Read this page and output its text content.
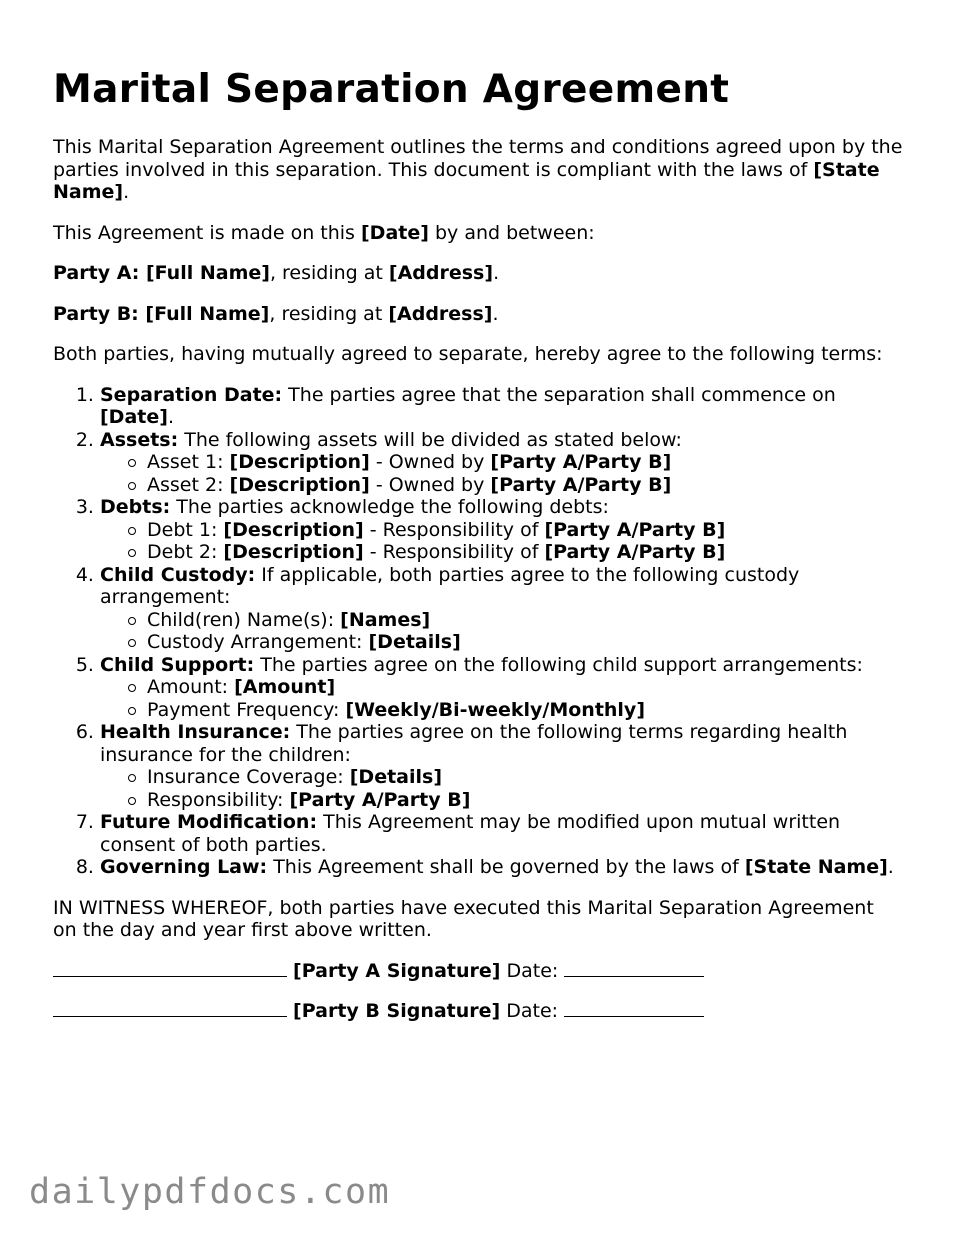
Marital Separation Agreement

This Marital Separation Agreement outlines the terms and conditions agreed upon by the parties involved in this separation. This document is compliant with the laws of [State Name].

This Agreement is made on this [Date] by and between:

Party A: [Full Name], residing at [Address].

Party B: [Full Name], residing at [Address].

Both parties, having mutually agreed to separate, hereby agree to the following terms:

1. Separation Date: The parties agree that the separation shall commence on [Date].
2. Assets: The following assets will be divided as stated below:
Asset 1: [Description] - Owned by [Party A/Party B]
Asset 2: [Description] - Owned by [Party A/Party B]
3. Debts: The parties acknowledge the following debts:
Debt 1: [Description] - Responsibility of [Party A/Party B]
Debt 2: [Description] - Responsibility of [Party A/Party B]
4. Child Custody: If applicable, both parties agree to the following custody arrangement:
Child(ren) Name(s): [Names]
Custody Arrangement: [Details]
5. Child Support: The parties agree on the following child support arrangements:
Amount: [Amount]
Payment Frequency: [Weekly/Bi-weekly/Monthly]
6. Health Insurance: The parties agree on the following terms regarding health insurance for the children:
Insurance Coverage: [Details]
Responsibility: [Party A/Party B]
7. Future Modification: This Agreement may be modified upon mutual written consent of both parties.
8. Governing Law: This Agreement shall be governed by the laws of [State Name].

IN WITNESS WHEREOF, both parties have executed this Marital Separation Agreement on the day and year first above written.

[Party A Signature] Date:
[Party B Signature] Date:
dailypdfdocs.com
